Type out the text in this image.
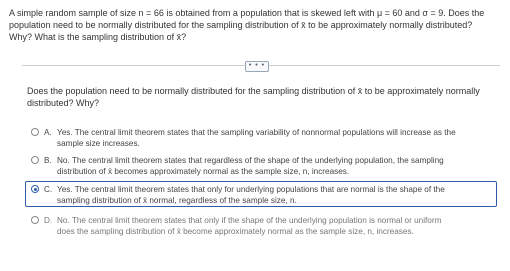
A simple random sample of size n = 66 is obtained from a population that is skewed left with μ = 60 and σ = 9. Does the
population need to be normally distributed for the sampling distribution of x̄ to be approximately normally distributed?
Why? What is the sampling distribution of x̄?
• • •
Does the population need to be normally distributed for the sampling distribution of x̄ to be approximately normally
distributed? Why?
A. Yes. The central limit theorem states that the sampling variability of nonnormal populations will increase as the
sample size increases.
B. No. The central limit theorem states that regardless of the shape of the underlying population, the sampling
distribution of x̄ becomes approximately normal as the sample size, n, increases.
C. Yes. The central limit theorem states that only for underlying populations that are normal is the shape of the
sampling distribution of x̄ normal, regardless of the sample size, n.
D. No. The central limit theorem states that only if the shape of the underlying population is normal or uniform
does the sampling distribution of x̄ become approximately normal as the sample size, n, increases.
